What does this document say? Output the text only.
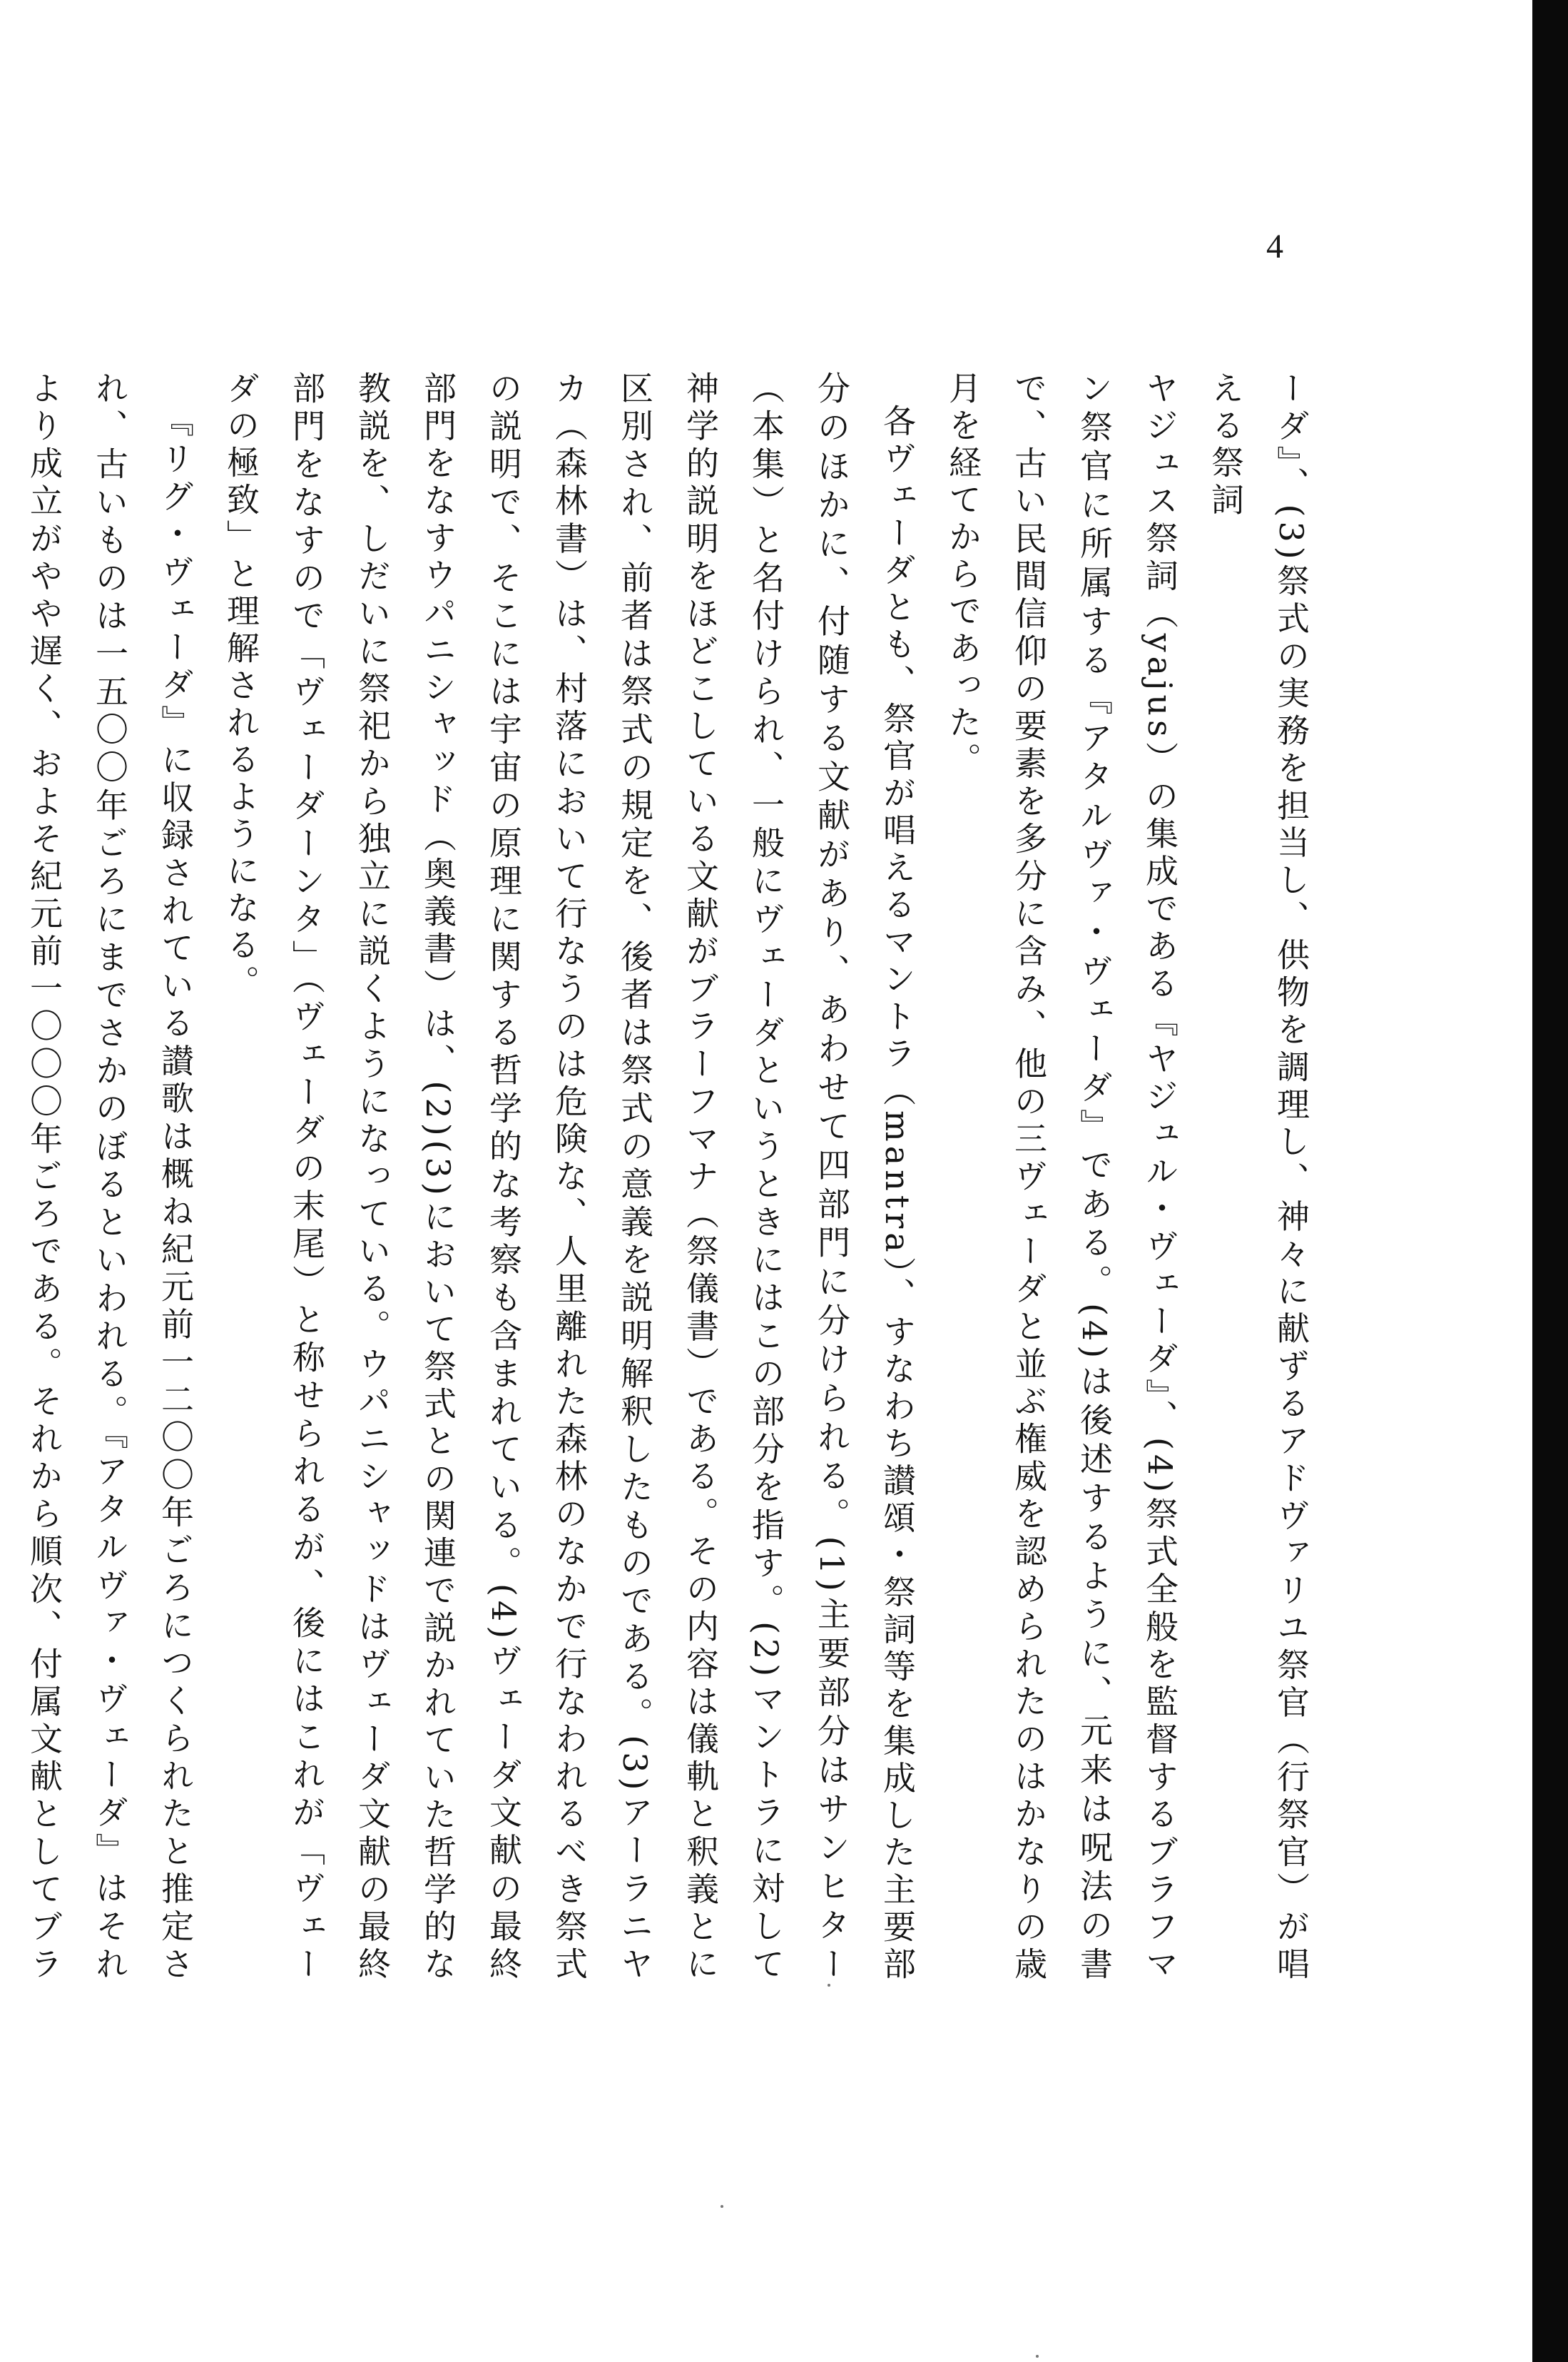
4

ーダ』、(3)祭式の実務を担当し、供物を調理し、神々に献ずるアドヴァリユ祭官（行祭官）が唱える祭詞

ヤジュス祭詞（yajus）の集成である『ヤジュル・ヴェーダ』、(4)祭式全般を監督するブラフマン祭官に所属する『アタルヴァ・ヴェーダ』である。(4)は後述するように、元来は呪法の書で、古い民間信仰の要素を多分に含み、他の三ヴェーダと並ぶ権威を認められたのはかなりの歳月を経てからであった。

各ヴェーダとも、祭官が唱えるマントラ（mantra）、すなわち讃頌・祭詞等を集成した主要部分のほかに、付随する文献があり、あわせて四部門に分けられる。(1)主要部分はサンヒター（本集）と名付けられ、一般にヴェーダというときにはこの部分を指す。(2)マントラに対して神学的説明をほどこしている文献がブラーフマナ（祭儀書）である。その内容は儀軌と釈義とに区別され、前者は祭式の規定を、後者は祭式の意義を説明解釈したものである。(3)アーラニヤカ（森林書）は、村落において行なうのは危険な、人里離れた森林のなかで行なわれるべき祭式の説明で、そこには宇宙の原理に関する哲学的な考察も含まれている。(4)ヴェーダ文献の最終部門をなすウパニシャッド（奥義書）は、(2)(3)において祭式との関連で説かれていた哲学的な教説を、しだいに祭祀から独立に説くようになっている。ウパニシャッドはヴェーダ文献の最終部門をなすので「ヴェーダーンタ」（ヴェーダの末尾）と称せられるが、後にはこれが「ヴェーダの極致」と理解されるようになる。

『リグ・ヴェーダ』に収録されている讃歌は概ね紀元前一二〇〇年ごろにつくられたと推定され、古いものは一五〇〇年ごろにまでさかのぼるといわれる。『アタルヴァ・ヴェーダ』はそれより成立がやや遅く、およそ紀元前一〇〇〇年ごろである。それから順次、付属文献としてブラ
